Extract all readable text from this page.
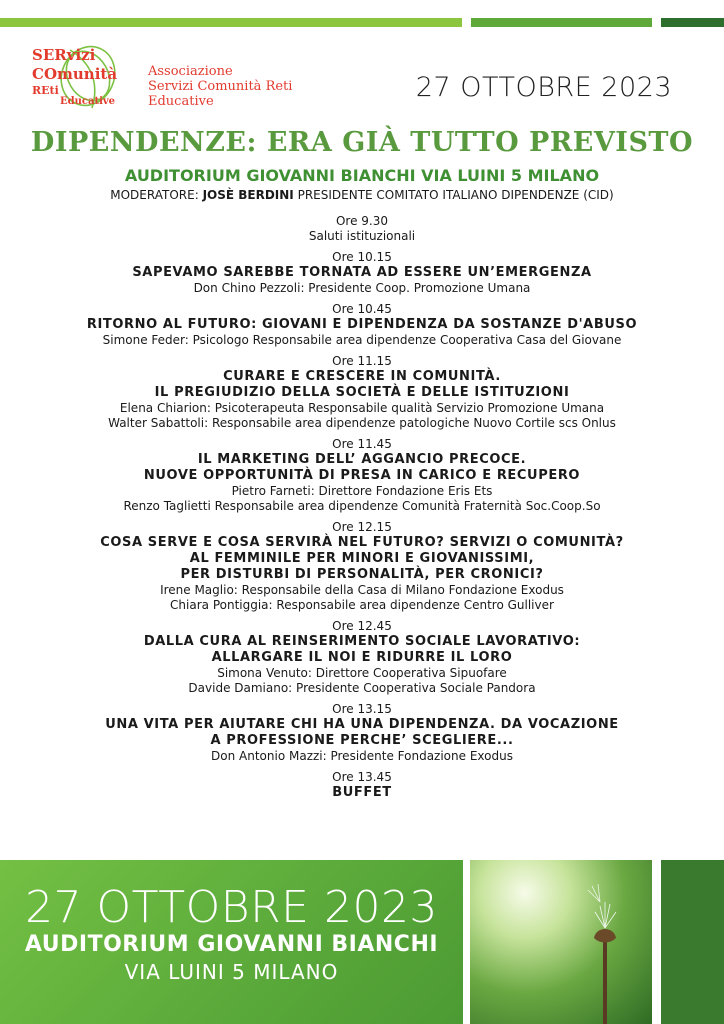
SERvizi
COmunità
REti
Educative
Associazione
Servizi Comunità Reti
Educative	27 OTTOBRE 2023
DIPENDENZE: ERA GIÀ TUTTO PREVISTO
AUDITORIUM GIOVANNI BIANCHI VIA LUINI 5 MILANO
MODERATORE: JOSÈ BERDINI PRESIDENTE COMITATO ITALIANO DIPENDENZE (CID)
Ore 9.30
Saluti istituzionali
Ore 10.15
SAPEVAMO SAREBBE TORNATA AD ESSERE UN’EMERGENZA
Don Chino Pezzoli: Presidente Coop. Promozione Umana
Ore 10.45
RITORNO AL FUTURO: GIOVANI E DIPENDENZA DA SOSTANZE D'ABUSO
Simone Feder: Psicologo Responsabile area dipendenze Cooperativa Casa del Giovane
Ore 11.15
CURARE E CRESCERE IN COMUNITÀ.
IL PREGIUDIZIO DELLA SOCIETÀ E DELLE ISTITUZIONI
Elena Chiarion: Psicoterapeuta Responsabile qualità Servizio Promozione Umana
Walter Sabattoli: Responsabile area dipendenze patologiche Nuovo Cortile scs Onlus
Ore 11.45
IL MARKETING DELL’ AGGANCIO PRECOCE.
NUOVE OPPORTUNITÀ DI PRESA IN CARICO E RECUPERO
Pietro Farneti: Direttore Fondazione Eris Ets
Renzo Taglietti Responsabile area dipendenze Comunità Fraternità Soc.Coop.So
Ore 12.15
COSA SERVE E COSA SERVIRÀ NEL FUTURO? SERVIZI O COMUNITÀ?
AL FEMMINILE PER MINORI E GIOVANISSIMI,
PER DISTURBI DI PERSONALITÀ, PER CRONICI?
Irene Maglio: Responsabile della Casa di Milano Fondazione Exodus
Chiara Pontiggia: Responsabile area dipendenze Centro Gulliver
Ore 12.45
DALLA CURA AL REINSERIMENTO SOCIALE LAVORATIVO:
ALLARGARE IL NOI E RIDURRE IL LORO
Simona Venuto: Direttore Cooperativa Sipuofare
Davide Damiano: Presidente Cooperativa Sociale Pandora
Ore 13.15
UNA VITA PER AIUTARE CHI HA UNA DIPENDENZA. DA VOCAZIONE
A PROFESSIONE PERCHE’ SCEGLIERE...
Don Antonio Mazzi: Presidente Fondazione Exodus
Ore 13.45
BUFFET
27 OTTOBRE 2023
AUDITORIUM GIOVANNI BIANCHI
VIA LUINI 5 MILANO
